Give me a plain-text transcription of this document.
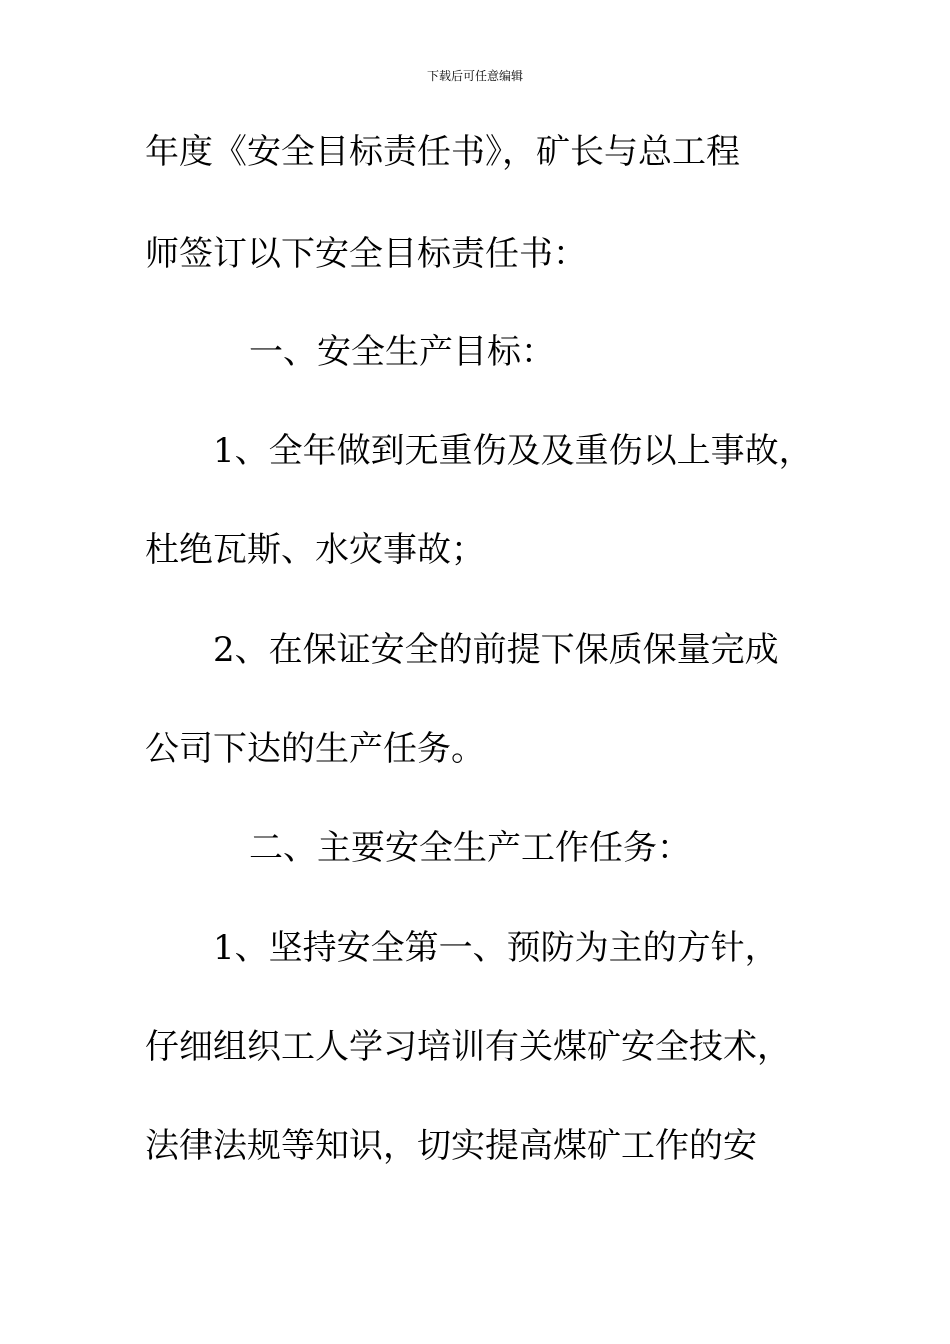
下载后可任意编辑
年度《安全目标责任书》，矿长与总工程
师签订以下安全目标责任书：
一、安全生产目标：
1、全年做到无重伤及及重伤以上事故，
杜绝瓦斯、水灾事故；
2、在保证安全的前提下保质保量完成
公司下达的生产任务。
二、主要安全生产工作任务：
1、坚持安全第一、预防为主的方针，
仔细组织工人学习培训有关煤矿安全技术，
法律法规等知识，切实提高煤矿工作的安
